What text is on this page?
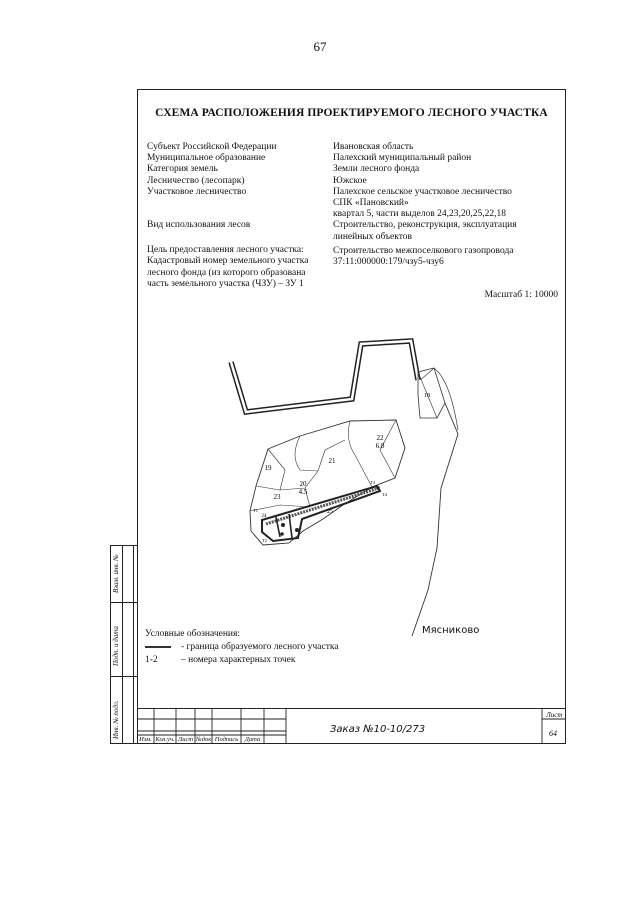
67
СХЕМА РАСПОЛОЖЕНИЯ ПРОЕКТИРУЕМОГО ЛЕСНОГО УЧАСТКА
Субъект Российской Федерации
Муниципальное образование
Категория земель
Лесничество (лесопарк)
Участковое лесничество
Вид использования лесов
Цель предоставления лесного участка:
Кадастровый номер земельного участка
лесного фонда (из которого образована
часть земельного участка (ЧЗУ) – ЗУ 1
Ивановская область
Палехский муниципальный район
Земли лесного фонда
Южское
Палехское сельское участковое лесничество
СПК «Пановский»
квартал 5, части выделов 24,23,20,25,22,18
Строительство, реконструкция, эксплуатация
линейных объектов
Строительство межпоселкового газопровода
37:11:000000:179/чзу5-чзу6
Масштаб 1: 10000
22
6.8
21
20
4.5
19
23
18
25
24
Т1
Т2
Т3
Т4
Мясниково
Условные обозначения:
- граница образуемого лесного участка
1-2	– номера характерных точек
Взам. инв. №
Подп. и дата
Инв. № подл.
Изм. Кол.уч. Лист №док Подпись	Дата
Заказ №10-10/273
Лист
64
